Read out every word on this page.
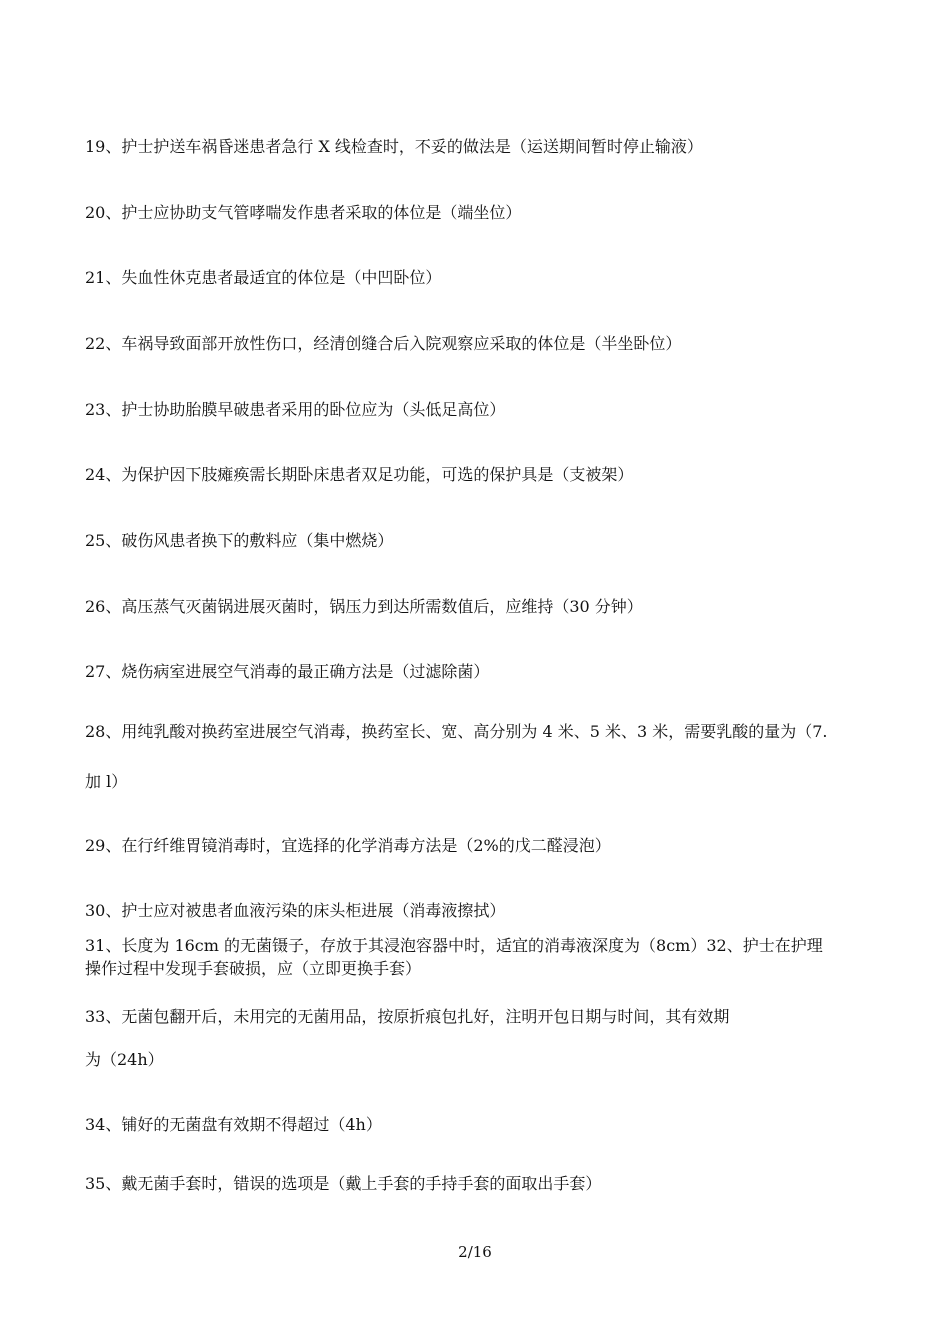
19、护士护送车祸昏迷患者急行 X 线检查时，不妥的做法是（运送期间暂时停止输液）
20、护士应协助支气管哮喘发作患者采取的体位是（端坐位）
21、失血性休克患者最适宜的体位是（中凹卧位）
22、车祸导致面部开放性伤口，经清创缝合后入院观察应采取的体位是（半坐卧位）
23、护士协助胎膜早破患者采用的卧位应为（头低足高位）
24、为保护因下肢瘫痪需长期卧床患者双足功能，可选的保护具是（支被架）
25、破伤风患者换下的敷料应（集中燃烧）
26、高压蒸气灭菌锅进展灭菌时，锅压力到达所需数值后，应维持（30 分钟）
27、烧伤病室进展空气消毒的最正确方法是（过滤除菌）
28、用纯乳酸对换药室进展空气消毒，换药室长、宽、高分别为 4 米、5 米、3 米，需要乳酸的量为（7.
加 l）
29、在行纤维胃镜消毒时，宜选择的化学消毒方法是（2%的戊二醛浸泡）
30、护士应对被患者血液污染的床头柜进展（消毒液擦拭）
31、长度为 16cm 的无菌镊子，存放于其浸泡容器中时，适宜的消毒液深度为（8cm）32、护士在护理
操作过程中发现手套破损，应（立即更换手套）
33、无菌包翻开后，未用完的无菌用品，按原折痕包扎好，注明开包日期与时间，其有效期
为（24h）
34、铺好的无菌盘有效期不得超过（4h）
35、戴无菌手套时，错误的选项是（戴上手套的手持手套的面取出手套）
2/16
